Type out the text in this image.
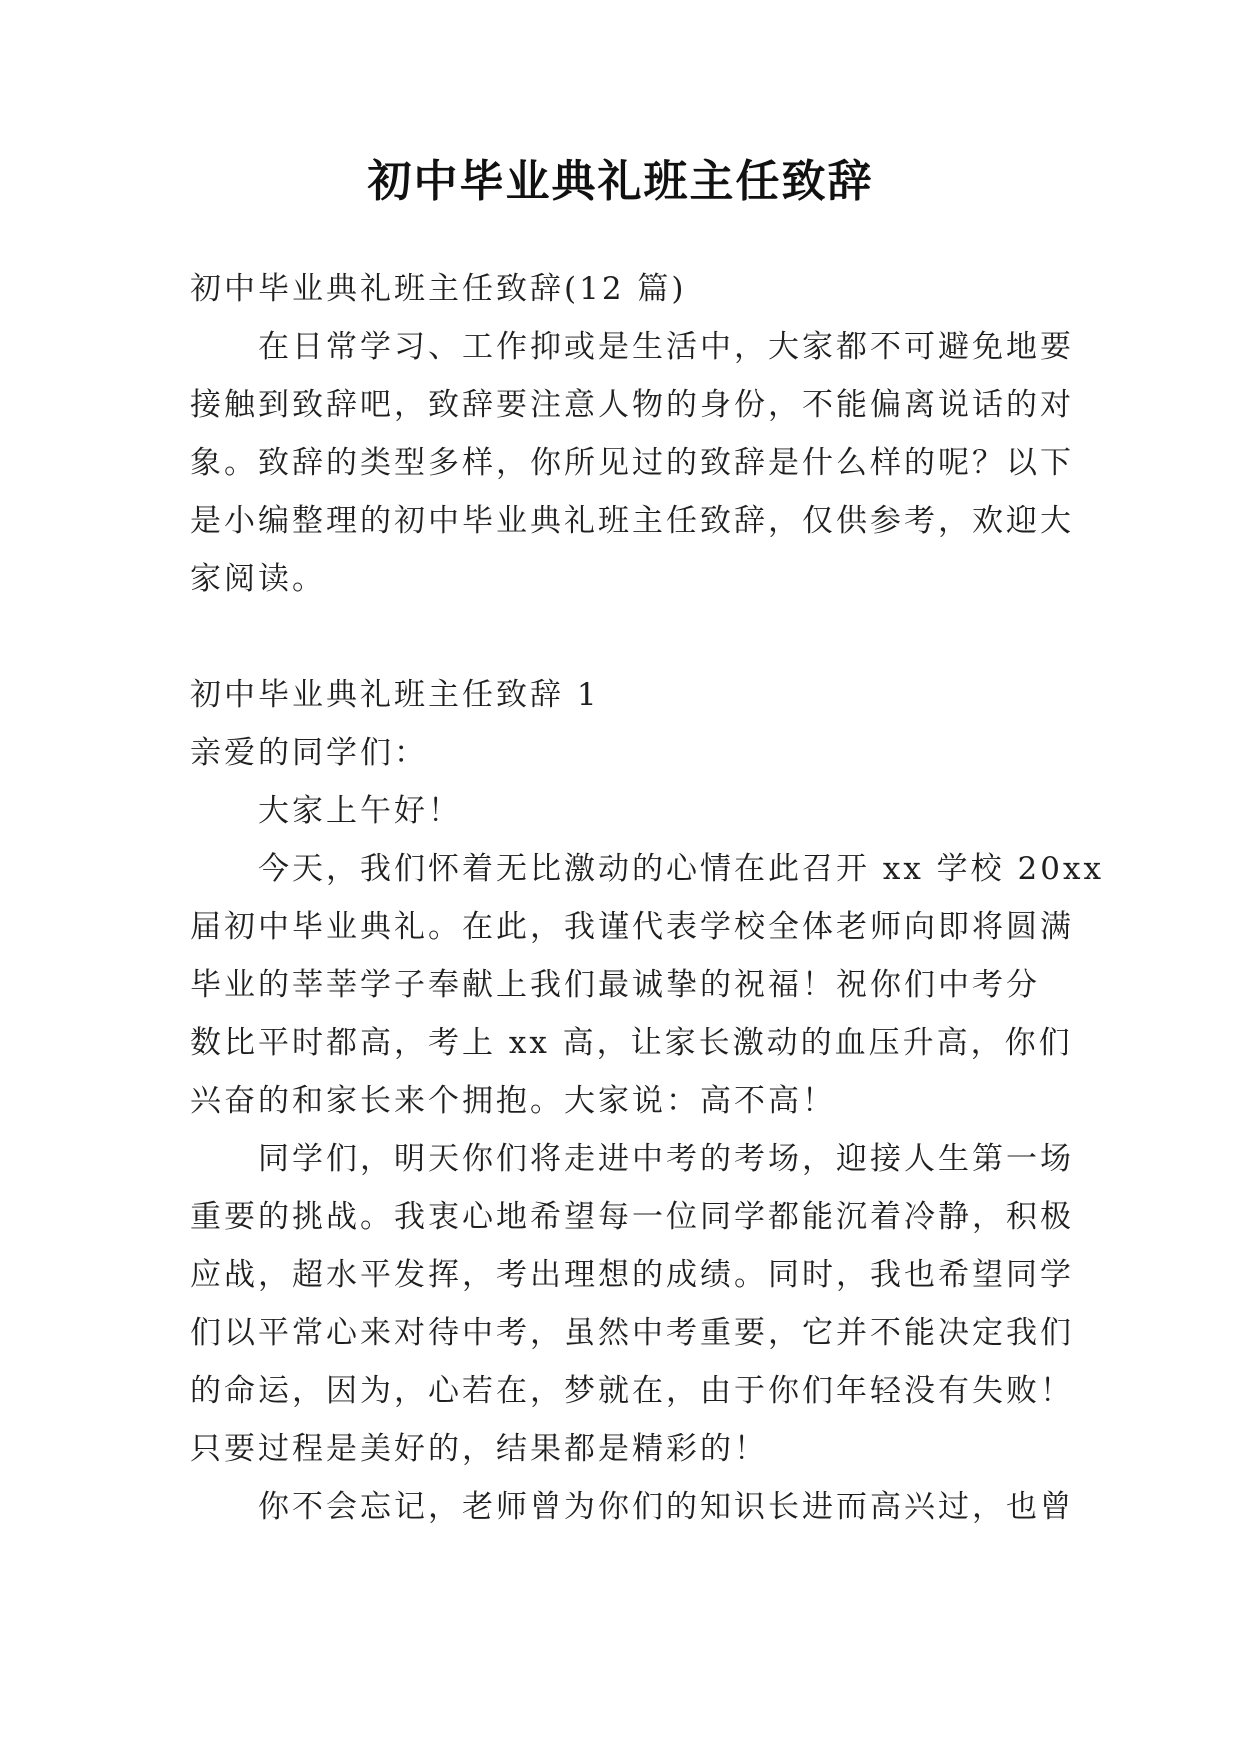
初中毕业典礼班主任致辞

初中毕业典礼班主任致辞(12 篇)

在日常学习、工作抑或是生活中，大家都不可避免地要

接触到致辞吧，致辞要注意人物的身份，不能偏离说话的对

象。致辞的类型多样，你所见过的致辞是什么样的呢？以下

是小编整理的初中毕业典礼班主任致辞，仅供参考，欢迎大

家阅读。

初中毕业典礼班主任致辞 1

亲爱的同学们：

大家上午好！

今天，我们怀着无比激动的心情在此召开 xx 学校 20xx

届初中毕业典礼。在此，我谨代表学校全体老师向即将圆满

毕业的莘莘学子奉献上我们最诚挚的祝福！祝你们中考分

数比平时都高，考上 xx 高，让家长激动的血压升高，你们

兴奋的和家长来个拥抱。大家说：高不高！

同学们，明天你们将走进中考的考场，迎接人生第一场

重要的挑战。我衷心地希望每一位同学都能沉着冷静，积极

应战，超水平发挥，考出理想的成绩。同时，我也希望同学

们以平常心来对待中考，虽然中考重要，它并不能决定我们

的命运，因为，心若在，梦就在，由于你们年轻没有失败！

只要过程是美好的，结果都是精彩的！

你不会忘记，老师曾为你们的知识长进而高兴过，也曾
